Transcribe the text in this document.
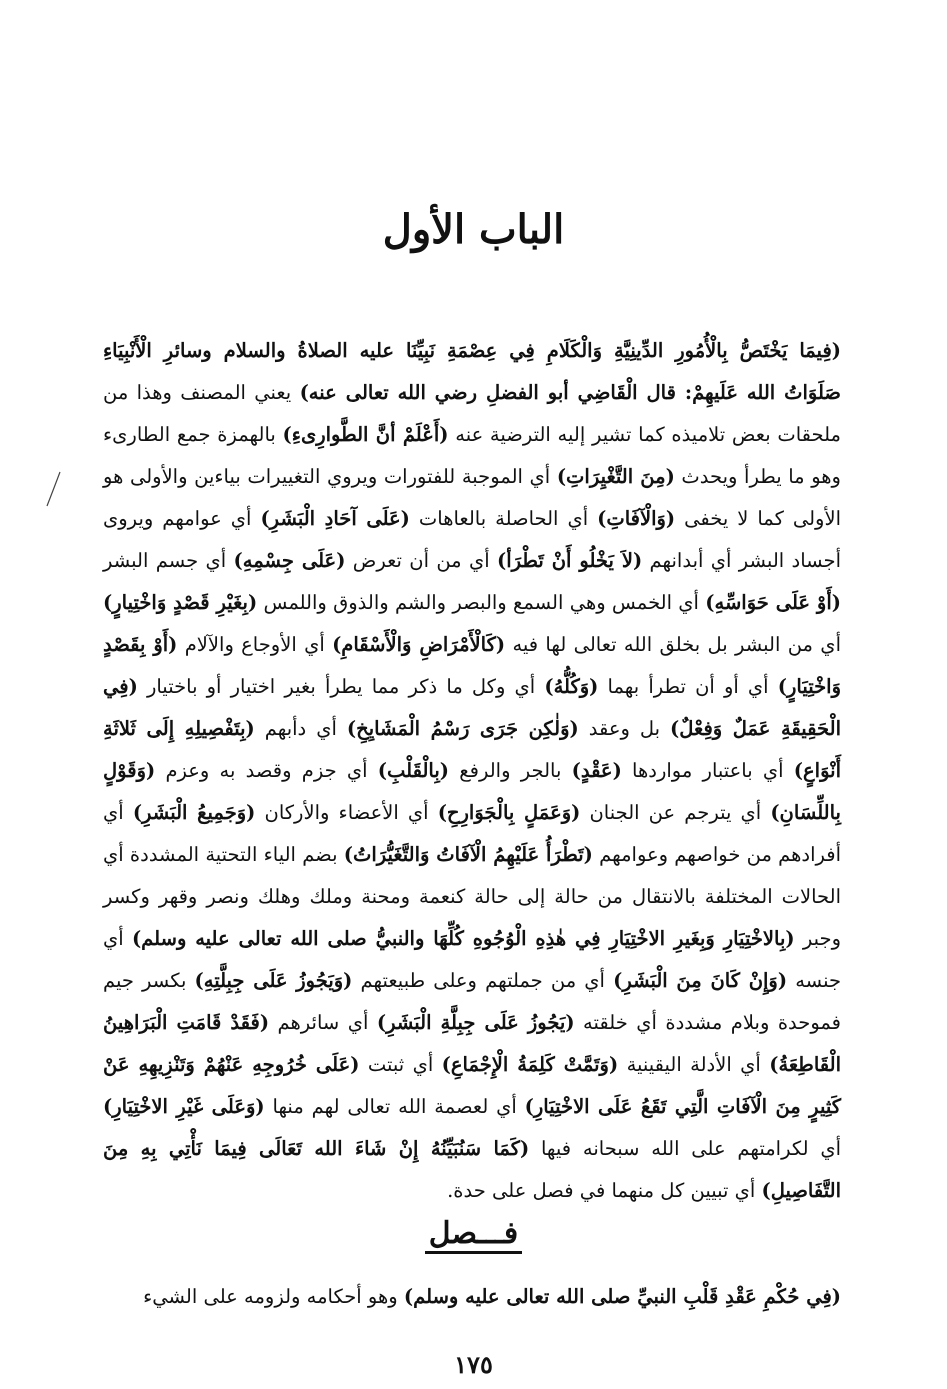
الباب الأول

(فِيمَا يَخْتَصُّ بِالْأُمُورِ الدِّينِيَّةِ وَالْكَلَامِ فِي عِصْمَةِ نَبِيِّنَا عليه الصلاةُ والسلام وسائرِ الْأَنْبِيَاءِ صَلَوَاتُ الله عَلَيهِمْ: قال الْقَاضِي أبو الفضلِ رضي الله تعالى عنه) يعني المصنف وهذا من ملحقات بعض تلاميذه كما تشير إليه الترضية عنه (أَعْلَمْ أنَّ الطَّوارِىءِ) بالهمزة جمع الطارىء وهو ما يطرأ ويحدث (مِنَ التَّغْيِرَاتِ) أي الموجبة للفتورات ويروي التغييرات بياءين والأولى هو الأولى كما لا يخفى (وَالْآفَاتِ) أي الحاصلة بالعاهات (عَلَى آحَادِ الْبَشَرِ) أي عوامهم ويروى أجساد البشر أي أبدانهم (لاَ يَخْلُو أَنْ تَطْرَأ) أي من أن تعرض (عَلَى جِسْمِهِ) أي جسم البشر (أَوْ عَلَى حَوَاسِّهِ) أي الخمس وهي السمع والبصر والشم والذوق واللمس (بِغَيْرِ قَصْدٍ وَاخْتِيارٍ) أي من البشر بل بخلق الله تعالى لها فيه (كَالْأَمْرَاضِ وَالْأَسْقَامِ) أي الأوجاع والآلام (أَوْ بِقَصْدٍ وَاخْتِيَارٍ) أي أو أن تطرأ بهما (وَكُلُّهُ) أي وكل ما ذكر مما يطرأ بغير اختيار أو باختيار (فِي الْحَقِيقَةِ عَمَلٌ وَفِعْلٌ) بل وعقد (وَلٰكِن جَرَى رَسْمُ الْمَشَايِخِ) أي دأبهم (بِتَفْصِيلِهِ إِلَى ثَلاثَةِ أَنْوَاعٍ) أي باعتبار مواردها (عَقْدٍ) بالجر والرفع (بِالْقَلْبِ) أي جزم وقصد به وعزم (وَقَوْلٍ بِاللِّسَانِ) أي يترجم عن الجنان (وَعَمَلٍ بِالْجَوَارِحِ) أي الأعضاء والأركان (وَجَمِيعُ الْبَشَرِ) أي أفرادهم من خواصهم وعوامهم (تَطْرَأُ عَلَيْهِمُ الْآفَاتُ وَالتَّغَيُّرَاتُ) بضم الياء التحتية المشددة أي الحالات المختلفة بالانتقال من حالة إلى حالة كنعمة ومحنة وملك وهلك ونصر وقهر وكسر وجبر (بِالاخْتِيَارِ وَبِغَيرِ الاخْتِيَارِ فِي هٰذِهِ الْوُجُوهِ كُلِّهَا والنبيُّ صلى الله تعالى عليه وسلم) أي جنسه (وَإِنْ كَانَ مِنَ الْبَشَرِ) أي من جملتهم وعلى طبيعتهم (وَيَجُوزُ عَلَى جِبِلَّتِهِ) بكسر جيم فموحدة وبلام مشددة أي خلقته (يَجُوزُ عَلَى جِبِلَّةِ الْبَشَرِ) أي سائرهم (فَقَدْ قَامَتِ الْبَرَاهِينُ الْقَاطِعَةُ) أي الأدلة اليقينية (وَتَمَّتْ كَلِمَةُ الْإِجْمَاعِ) أي ثبتت (عَلَى خُرُوجِهِ عَنْهُمْ وَتَنْزِيهِهِ عَنْ كَثِيرٍ مِنَ الْآفَاتِ الَّتِي تَقَعُ عَلَى الاخْتِيَارِ) أي لعصمة الله تعالى لهم منها (وَعَلَى غَيْرِ الاخْتِيَارِ) أي لكرامتهم على الله سبحانه فيها (كَمَا سَنُبَيِّنُهُ إِنْ شَاءَ الله تَعَالَى فِيمَا نَأْتِي بِهِ مِنَ التَّفَاصِيلِ) أي تبيين كل منهما في فصل على حدة.

فـــصل

(فِي حُكْمِ عَقْدِ قَلْبِ النبيِّ صلى الله تعالى عليه وسلم) وهو أحكامه ولزومه على الشيء

١٧٥
